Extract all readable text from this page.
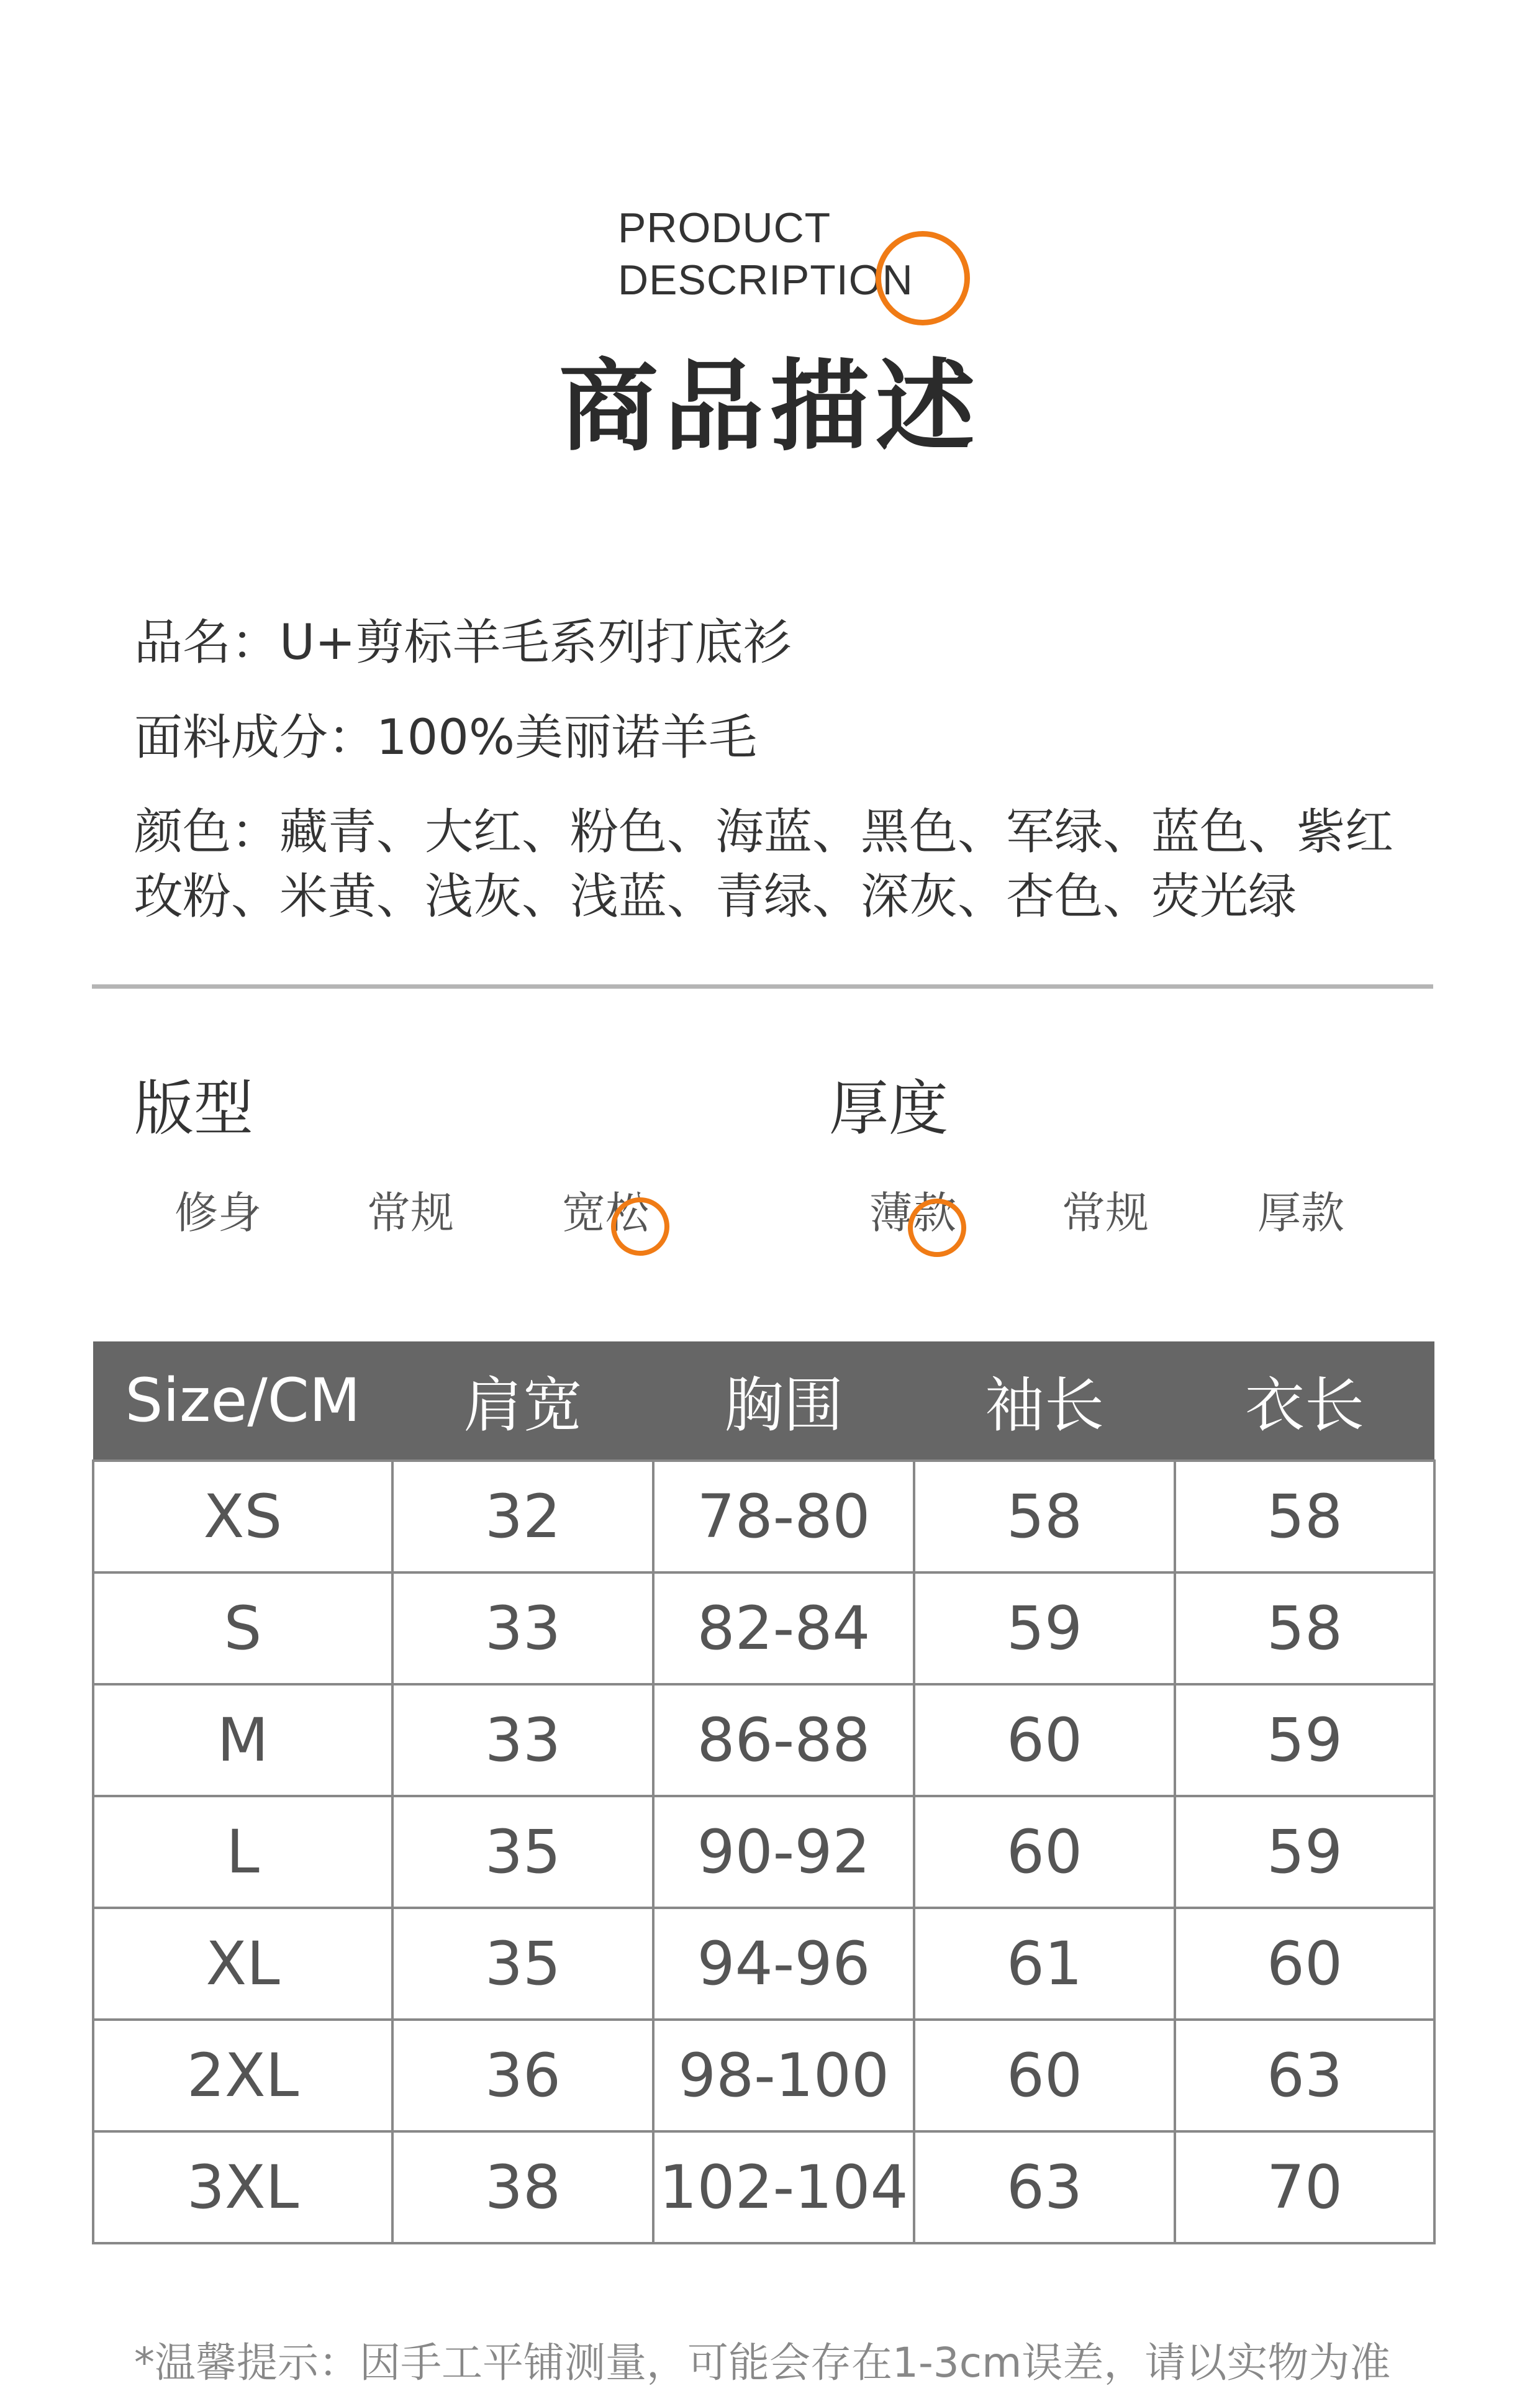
PRODUCT
DESCRIPTION
商品描述
品名：U+剪标羊毛系列打底衫
面料成分：100%美丽诺羊毛
颜色：藏青、大红、粉色、海蓝、黑色、军绿、蓝色、紫红
玫粉、米黄、浅灰、浅蓝、青绿、深灰、杏色、荧光绿
版型
修身 常规 宽松
厚度
薄款 常规	厚款
Size/CM	肩宽	胸围	袖长	衣长
XS	32	78-80	58	58
S	33	82-84	59	58
M	33	86-88	60	59
L	35	90-92	60	59
XL	35	94-96	61	60
2XL	36	98-100	60	63
3XL	38	102-104	63	70
*温馨提示：因手工平铺测量，可能会存在1-3cm误差，请以实物为准
